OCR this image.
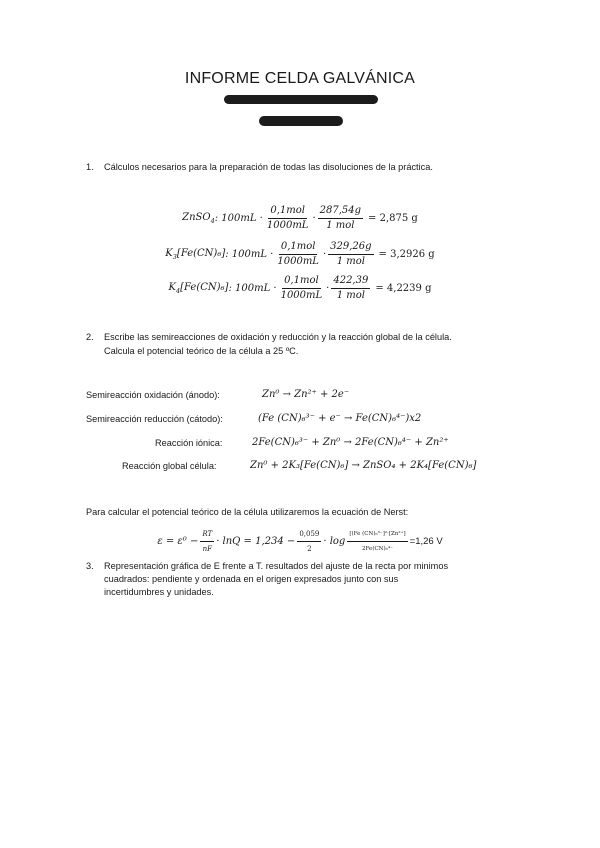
INFORME CELDA GALVÁNICA
1. Cálculos necesarios para la preparación de todas las disoluciones de la práctica.
ZnSO$_4$ : $100mL \cdot \frac{\text{0,1mol}}{1000mL} \cdot \frac{287,54g}{\text{1 mol}} = 2,875$ g
$K_3[Fe(CN)_6]$ : $100mL \cdot \frac{\text{0,1mol}}{1000mL} \cdot \frac{329,26g}{\text{1 mol}} = 3,2926$ g
$K_4[Fe(CN)_6]$ : $100mL \cdot \frac{\text{0,1mol}}{1000mL} \cdot \frac{422,39}{\text{1 mol}} = 4,2239$ g
2. Escribe las semireacciones de oxidación y reducción y la reacción global de la célula.
Calcula el potencial teórico de la célula a 25 ºC.
Semireacción oxidación (ánodo):	Zn⁰ → Zn²⁺ + 2e⁻
Semireacción reducción (cátodo):	(Fe (CN)₆³⁻ + e⁻ → Fe(CN)₆⁴⁻)x2
Reacción iónica:	2Fe(CN)₆³⁻ + Zn⁰ → 2Fe(CN)₆⁴⁻ + Zn²⁺
Reacción global célula:	Zn⁰ + 2K₃[Fe(CN)₆] → ZnSO₄ + 2K₄[Fe(CN)₆]
Para calcular el potencial teórico de la célula utilizaremos la ecuación de Nerst:
$\varepsilon = \varepsilon^0 - \frac{RT}{nF} \cdot \ln Q = 1,234 - \frac{0,059}{2} \cdot \log \frac{\text{[(Fe (CN)₆³⁻]²·[Zn²⁺]}}{\text{2Fe(CN)₆⁴⁻}} =1,26$ V
3. Representación gráfica de E frente a T. resultados del ajuste de la recta por minimos
cuadrados: pendiente y ordenada en el origen expresados junto con sus
incertidumbres y unidades.
